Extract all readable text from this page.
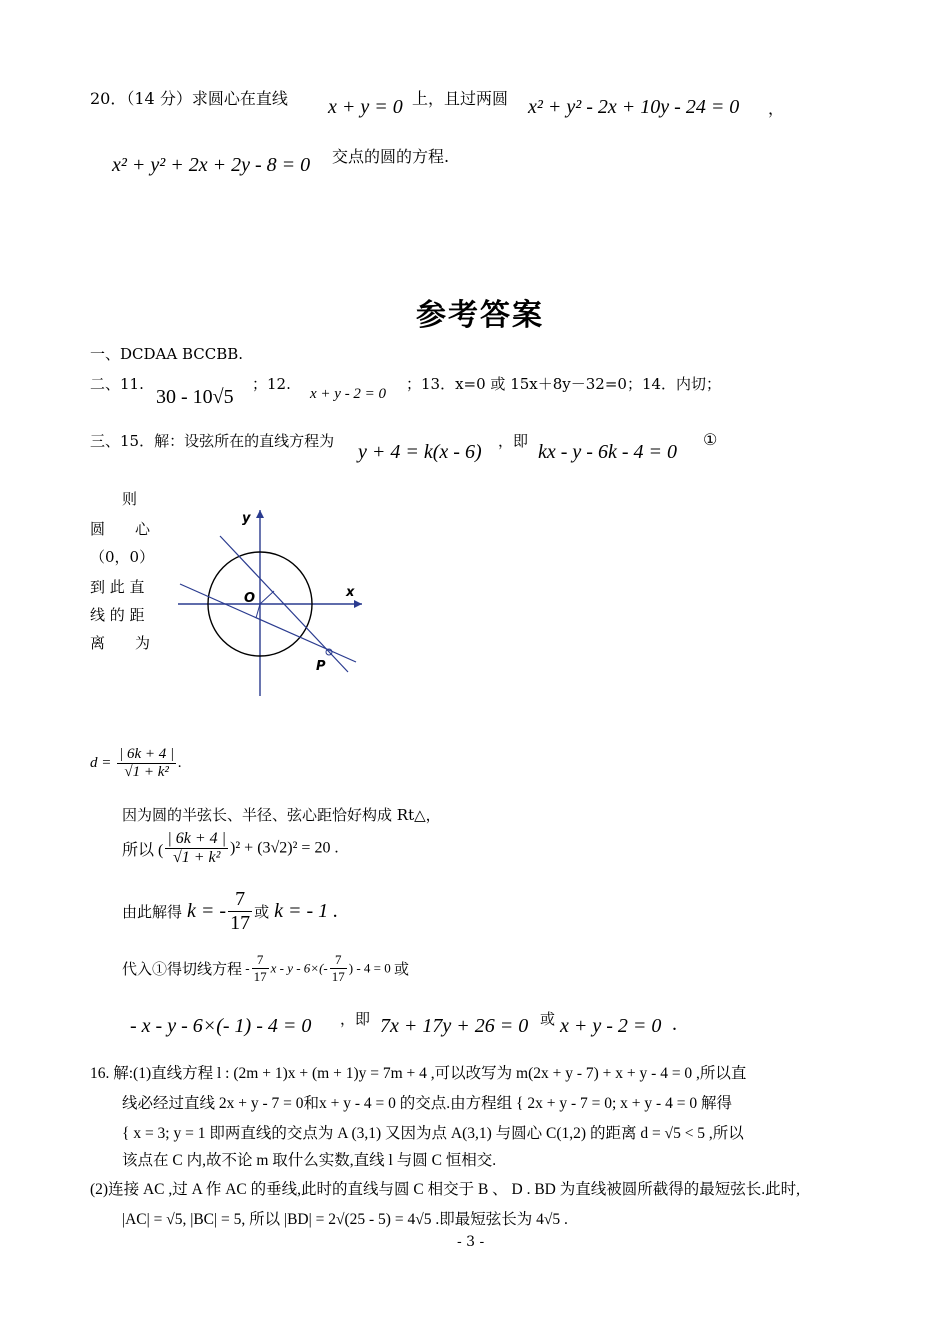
20．（14 分）求圆心在直线 x + y = 0 上，且过两圆 x² + y² - 2x + 10y - 24 = 0 ，
x² + y² + 2x + 2y - 8 = 0 交点的圆的方程.
参考答案
一、DCDAA BCCBB.
二、11.
30 - 10√5
；12.
x + y - 2 = 0
；13．x=0 或 15x＋8y－32=0；14．内切；
三、15．解：设弦所在的直线方程为 y + 4 = k(x - 6) ，即 kx - y - 6k - 4 = 0
①
则
圆　　心
（0，0）
到 此 直
线 的 距
离　　为
y
x
O
P
$d = \frac{| 6k + 4 |}{\text{√1 + k²}}$ .
因为圆的半弦长、半径、弦心距恰好构成 Rt△，
所以 ( $\frac{| 6k + 4 |}{\text{√1 + k²}} )^2 + (3√2)^2 = 20$ .
由此解得 k = - $\frac{7}{17}$ 或 k = - 1 .
代入①得切线方程 - $\frac{7}{17}$ $x - y - 6\times(- \frac{7}{17}$ ) - 4 = 0 或
- x - y - 6×(- 1) - 4 = 0 ，即 7x + 17y + 26 = 0 或 x + y - 2 = 0 .
16. 解:(1)直线方程 l : (2m + 1)x + (m + 1)y = 7m + 4 ,可以改写为 m(2x + y - 7) + x + y - 4 = 0 ,所以直
线必经过直线 2x + y - 7 = 0和x + y - 4 = 0 的交点.由方程组 { 2x + y - 7 = 0; x + y - 4 = 0 解得
{ x = 3; y = 1 即两直线的交点为 A (3,1) 又因为点 A(3,1) 与圆心 C(1,2) 的距离 d = √5 < 5 ,所以
该点在 C 内,故不论 m 取什么实数,直线 l 与圆 C 恒相交.
(2)连接 AC ,过 A 作 AC 的垂线,此时的直线与圆 C 相交于 B 、 D . BD 为直线被圆所截得的最短弦长.此时,
|AC| = √5, |BC| = 5, 所以 |BD| = 2√(25 - 5) = 4√5 .即最短弦长为 4√5 .
- 3 -
